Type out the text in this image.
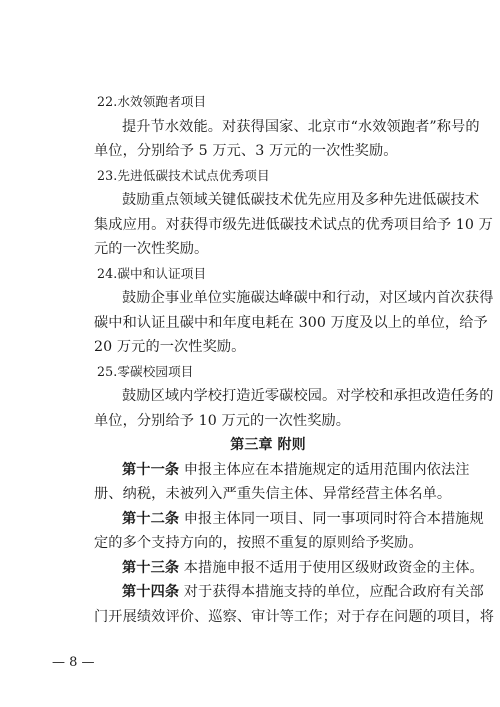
22.水效领跑者项目
提升节水效能。对获得国家、北京市“水效领跑者”称号的
单位，分别给予 5 万元、3 万元的一次性奖励。
23.先进低碳技术试点优秀项目
鼓励重点领域关键低碳技术优先应用及多种先进低碳技术
集成应用。对获得市级先进低碳技术试点的优秀项目给予 10 万
元的一次性奖励。
24.碳中和认证项目
鼓励企事业单位实施碳达峰碳中和行动，对区域内首次获得
碳中和认证且碳中和年度电耗在 300 万度及以上的单位，给予
20 万元的一次性奖励。
25.零碳校园项目
鼓励区域内学校打造近零碳校园。对学校和承担改造任务的
单位，分别给予 10 万元的一次性奖励。
第三章 附则
第十一条 申报主体应在本措施规定的适用范围内依法注
册、纳税，未被列入严重失信主体、异常经营主体名单。
第十二条 申报主体同一项目、同一事项同时符合本措施规
定的多个支持方向的，按照不重复的原则给予奖励。
第十三条 本措施申报不适用于使用区级财政资金的主体。
第十四条 对于获得本措施支持的单位，应配合政府有关部
门开展绩效评价、巡察、审计等工作；对于存在问题的项目，将
— 8 —
